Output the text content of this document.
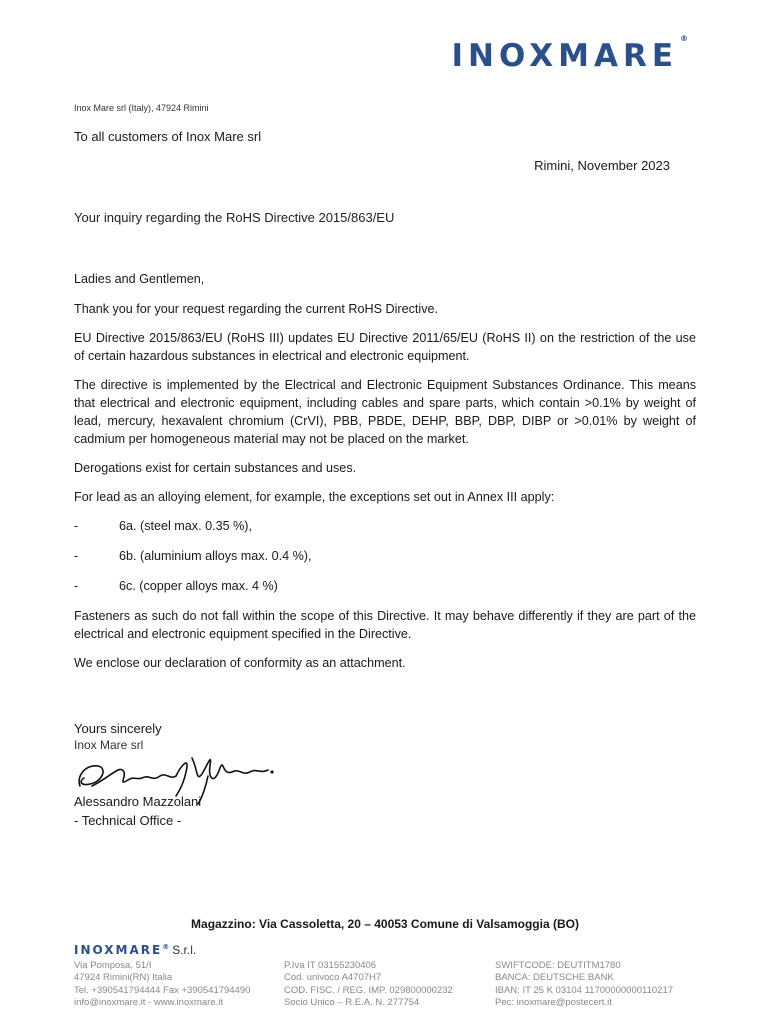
INOXMARE ®
Inox Mare srl (Italy), 47924 Rimini
To all customers of Inox Mare srl
Rimini, November 2023
Your inquiry regarding the RoHS Directive 2015/863/EU

Ladies and Gentlemen,

Thank you for your request regarding the current RoHS Directive.

EU Directive 2015/863/EU (RoHS III) updates EU Directive 2011/65/EU (RoHS II) on the restriction of the use of certain hazardous substances in electrical and electronic equipment.

The directive is implemented by the Electrical and Electronic Equipment Substances Ordinance. This means that electrical and electronic equipment, including cables and spare parts, which contain >0.1% by weight of lead, mercury, hexavalent chromium (CrVI), PBB, PBDE, DEHP, BBP, DBP, DIBP or >0.01% by weight of cadmium per homogeneous material may not be placed on the market.

Derogations exist for certain substances and uses.

For lead as an alloying element, for example, the exceptions set out in Annex III apply:

-	6a. (steel max. 0.35 %),
-	6b. (aluminium alloys max. 0.4 %),
-	6c. (copper alloys max. 4 %)

Fasteners as such do not fall within the scope of this Directive. It may behave differently if they are part of the electrical and electronic equipment specified in the Directive.

We enclose our declaration of conformity as an attachment.

Yours sincerely
Inox Mare srl
Alessandro Mazzolani
- Technical Office -
Magazzino: Via Cassoletta, 20 – 40053 Comune di Valsamoggia (BO)
INOXMARE® S.r.l.
Via Pomposa, 51/I
47924 Rimini(RN) Italia
Tel. +390541794444 Fax +390541794490
info@inoxmare.it - www.inoxmare.it
P.Iva IT 03155230406
Cod. univoco A4707H7
COD. FISC. / REG. IMP. 029800000232
Socio Unico – R.E.A. N. 277754
SWIFTCODE: DEUTITM1780
BANCA: DEUTSCHE BANK
IBAN: IT 25 K 03104 11700000000110217
Pec: inoxmare@postecert.it
